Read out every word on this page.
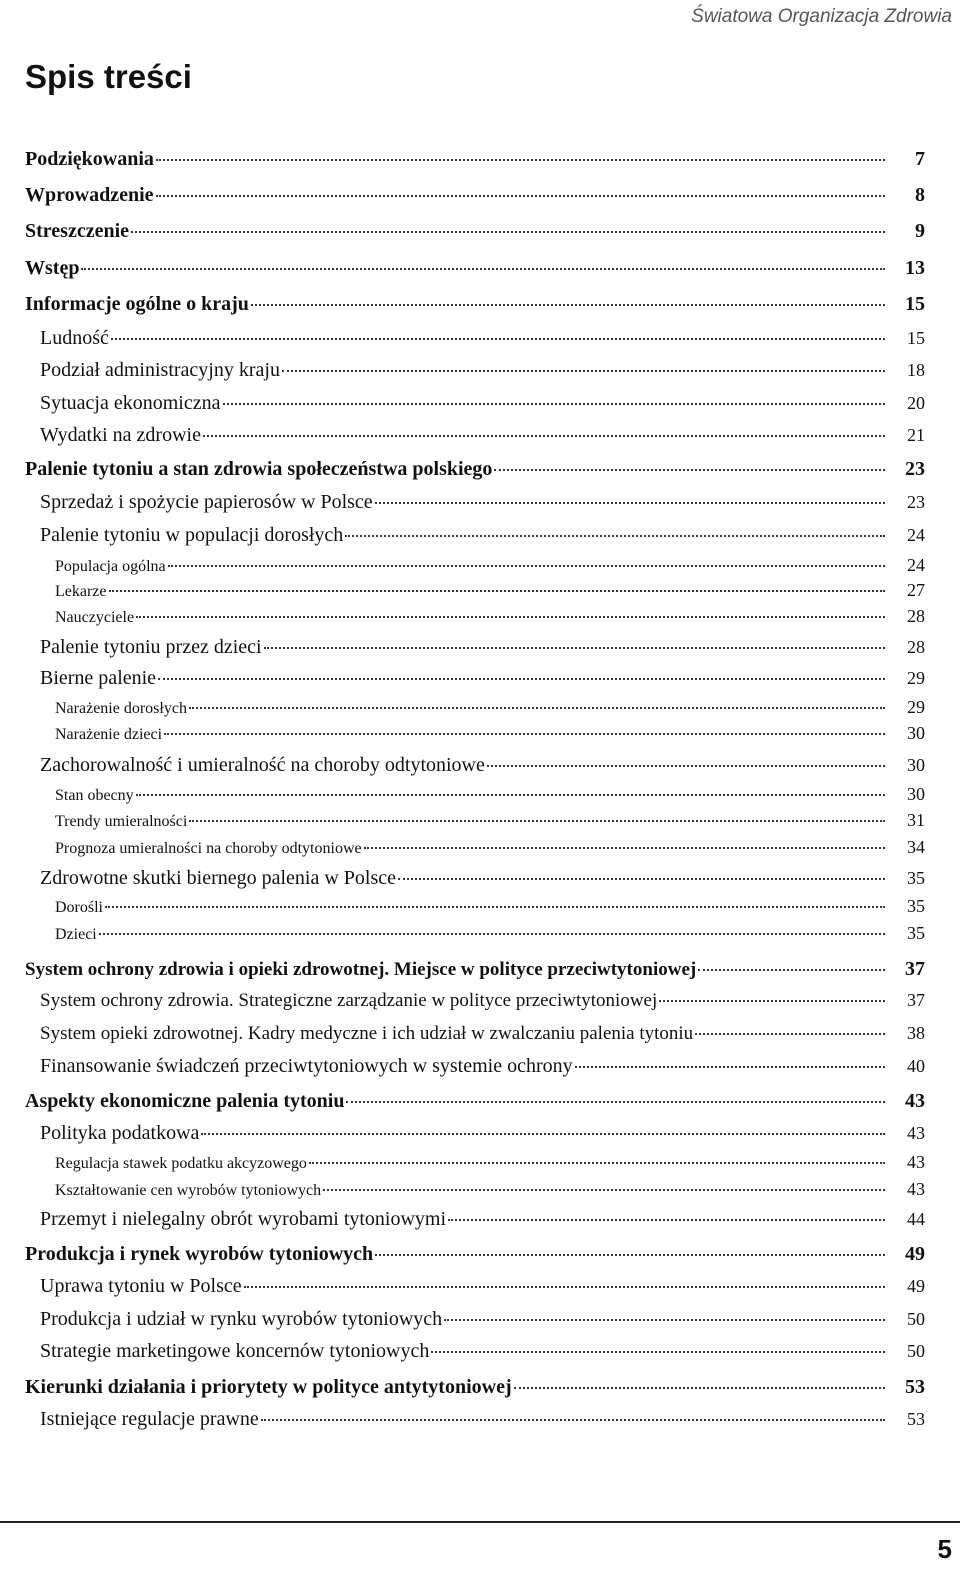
Światowa Organizacja Zdrowia
Spis treści
Podziękowania	7
Wprowadzenie	8
Streszczenie	9
Wstęp	13
Informacje ogólne o kraju	15
Ludność	15
Podział administracyjny kraju	18
Sytuacja ekonomiczna	20
Wydatki na zdrowie	21
Palenie tytoniu a stan zdrowia społeczeństwa polskiego	23
Sprzedaż i spożycie papierosów w Polsce	23
Palenie tytoniu w populacji dorosłych	24
Populacja ogólna	24
Lekarze	27
Nauczyciele	28
Palenie tytoniu przez dzieci	28
Bierne palenie	29
Narażenie dorosłych	29
Narażenie dzieci	30
Zachorowalność i umieralność na choroby odtytoniowe	30
Stan obecny	30
Trendy umieralności	31
Prognoza umieralności na choroby odtytoniowe	34
Zdrowotne skutki biernego palenia w Polsce	35
Dorośli	35
Dzieci	35
System ochrony zdrowia i opieki zdrowotnej. Miejsce w polityce przeciwtytoniowej	37
System ochrony zdrowia. Strategiczne zarządzanie w polityce przeciwtytoniowej	37
System opieki zdrowotnej. Kadry medyczne i ich udział w zwalczaniu palenia tytoniu	38
Finansowanie świadczeń przeciwtytoniowych w systemie ochrony	40
Aspekty ekonomiczne palenia tytoniu	43
Polityka podatkowa	43
Regulacja stawek podatku akcyzowego	43
Kształtowanie cen wyrobów tytoniowych	43
Przemyt i nielegalny obrót wyrobami tytoniowymi	44
Produkcja i rynek wyrobów tytoniowych	49
Uprawa tytoniu w Polsce	49
Produkcja i udział w rynku wyrobów tytoniowych	50
Strategie marketingowe koncernów tytoniowych	50
Kierunki działania i priorytety w polityce antytytoniowej	53
Istniejące regulacje prawne	53
5
